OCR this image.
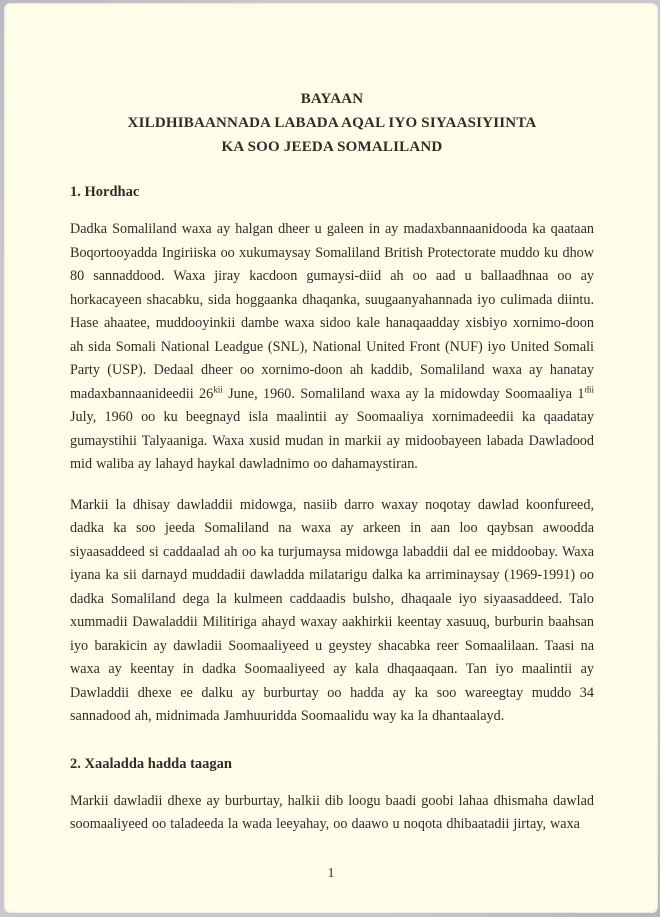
BAYAAN
XILDHIBAANNADA LABADA AQAL IYO SIYAASIYIINTA
KA SOO JEEDA SOMALILAND
1. Hordhac

Dadka Somaliland waxa ay halgan dheer u galeen in ay madaxbannaanidooda ka qaataan Boqortooyadda Ingiriiska oo xukumaysay Somaliland British Protectorate muddo ku dhow 80 sannaddood. Waxa jiray kacdoon gumaysi-diid ah oo aad u ballaadhnaa oo ay horkacayeen shacabku, sida hoggaanka dhaqanka, suugaanyahannada iyo culimada diintu. Hase ahaatee, muddooyinkii dambe waxa sidoo kale hanaqaadday xisbiyo xornimo-doon ah sida Somali National Leadgue (SNL), National United Front (NUF) iyo United Somali Party (USP). Dedaal dheer oo xornimo-doon ah kaddib, Somaliland waxa ay hanatay madaxbannaanideedii $26^{kii}$ June, 1960. Somaliland waxa ay la midowday Soomaaliya $1^{dii}$ July, 1960 oo ku beegnayd isla maalintii ay Soomaaliya xornimadeedii ka qaadatay gumaystihii Talyaaniga. Waxa xusid mudan in markii ay midoobayeen labada Dawladood mid waliba ay lahayd haykal dawladnimo oo dahamaystiran.

Markii la dhisay dawladdii midowga, nasiib darro waxay noqotay dawlad koonfureed, dadka ka soo jeeda Somaliland na waxa ay arkeen in aan loo qaybsan awoodda siyaasaddeed si caddaalad ah oo ka turjumaysa midowga labaddii dal ee middoobay. Waxa iyana ka sii darnayd muddadii dawladda milatarigu dalka ka arriminaysay (1969-1991) oo dadka Somaliland dega la kulmeen caddaadis bulsho, dhaqaale iyo siyaasaddeed. Talo xummadii Dawaladdii Militiriga ahayd waxay aakhirkii keentay xasuuq, burburin baahsan iyo barakicin ay dawladii Soomaaliyeed u geystey shacabka reer Somaalilaan. Taasi na waxa ay keentay in dadka Soomaaliyeed ay kala dhaqaaqaan. Tan iyo maalintii ay Dawladdii dhexe ee dalku ay burburtay oo hadda ay ka soo wareegtay muddo 34 sannadood ah, midnimada Jamhuuridda Soomaalidu way ka la dhantaalayd.

2. Xaaladda hadda taagan

Markii dawladii dhexe ay burburtay, halkii dib loogu baadi goobi lahaa dhismaha dawlad soomaaliyeed oo taladeeda la wada leeyahay, oo daawo u noqota dhibaatadii jirtay, waxa

1
